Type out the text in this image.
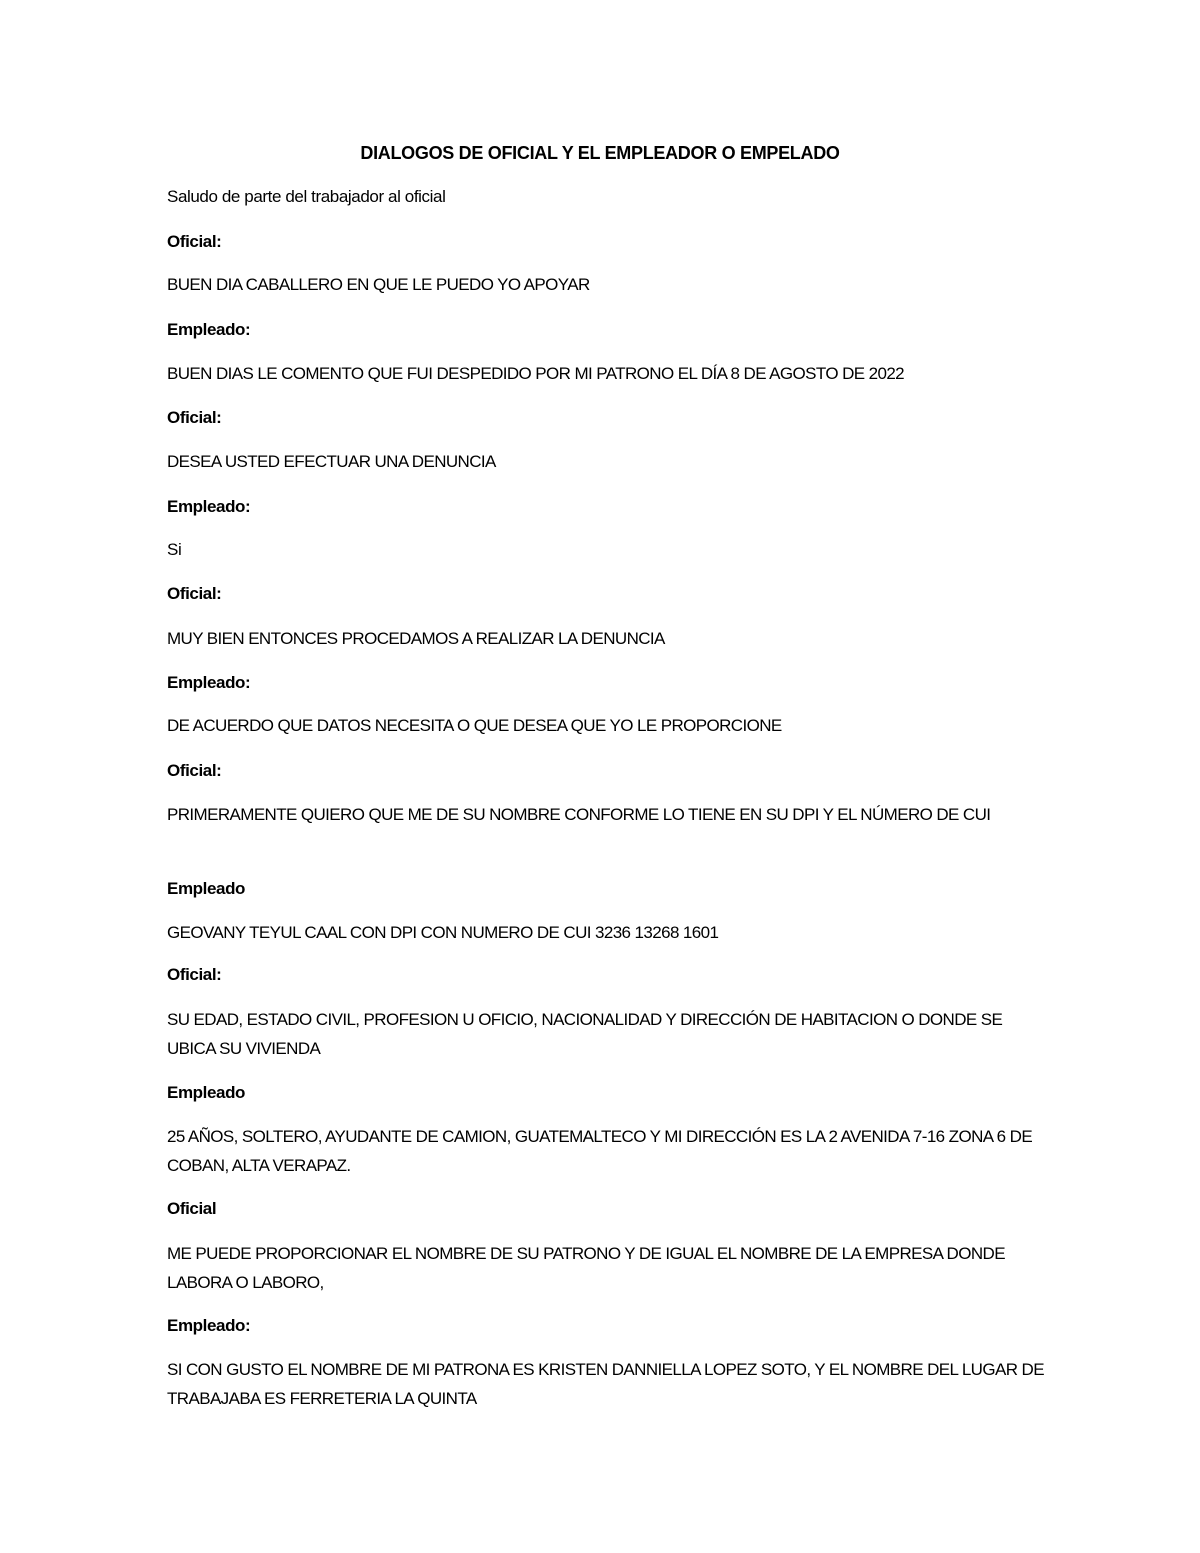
DIALOGOS DE OFICIAL Y EL EMPLEADOR O EMPELADO

Saludo de parte del trabajador al oficial

Oficial:

BUEN DIA CABALLERO EN QUE LE PUEDO YO APOYAR

Empleado:

BUEN DIAS LE COMENTO QUE FUI DESPEDIDO POR MI PATRONO EL DÍA 8 DE AGOSTO DE 2022

Oficial:

DESEA USTED EFECTUAR UNA DENUNCIA

Empleado:

Si

Oficial:

MUY BIEN ENTONCES PROCEDAMOS A REALIZAR LA DENUNCIA

Empleado:

DE ACUERDO QUE DATOS NECESITA O QUE DESEA QUE YO LE PROPORCIONE

Oficial:

PRIMERAMENTE QUIERO QUE ME DE SU NOMBRE CONFORME LO TIENE EN SU DPI Y EL NÚMERO DE CUI

Empleado

GEOVANY TEYUL CAAL CON DPI CON NUMERO DE CUI 3236 13268 1601

Oficial:

SU EDAD, ESTADO CIVIL, PROFESION U OFICIO, NACIONALIDAD Y DIRECCIÓN DE HABITACION O DONDE SE UBICA SU VIVIENDA

Empleado

25 AÑOS, SOLTERO, AYUDANTE DE CAMION, GUATEMALTECO Y MI DIRECCIÓN ES LA 2 AVENIDA 7-16 ZONA 6 DE COBAN, ALTA VERAPAZ.

Oficial

ME PUEDE PROPORCIONAR EL NOMBRE DE SU PATRONO Y DE IGUAL EL NOMBRE DE LA EMPRESA DONDE LABORA O LABORO,

Empleado:

SI CON GUSTO EL NOMBRE DE MI PATRONA ES KRISTEN DANNIELLA LOPEZ SOTO, Y EL NOMBRE DEL LUGAR DE TRABAJABA ES FERRETERIA LA QUINTA
